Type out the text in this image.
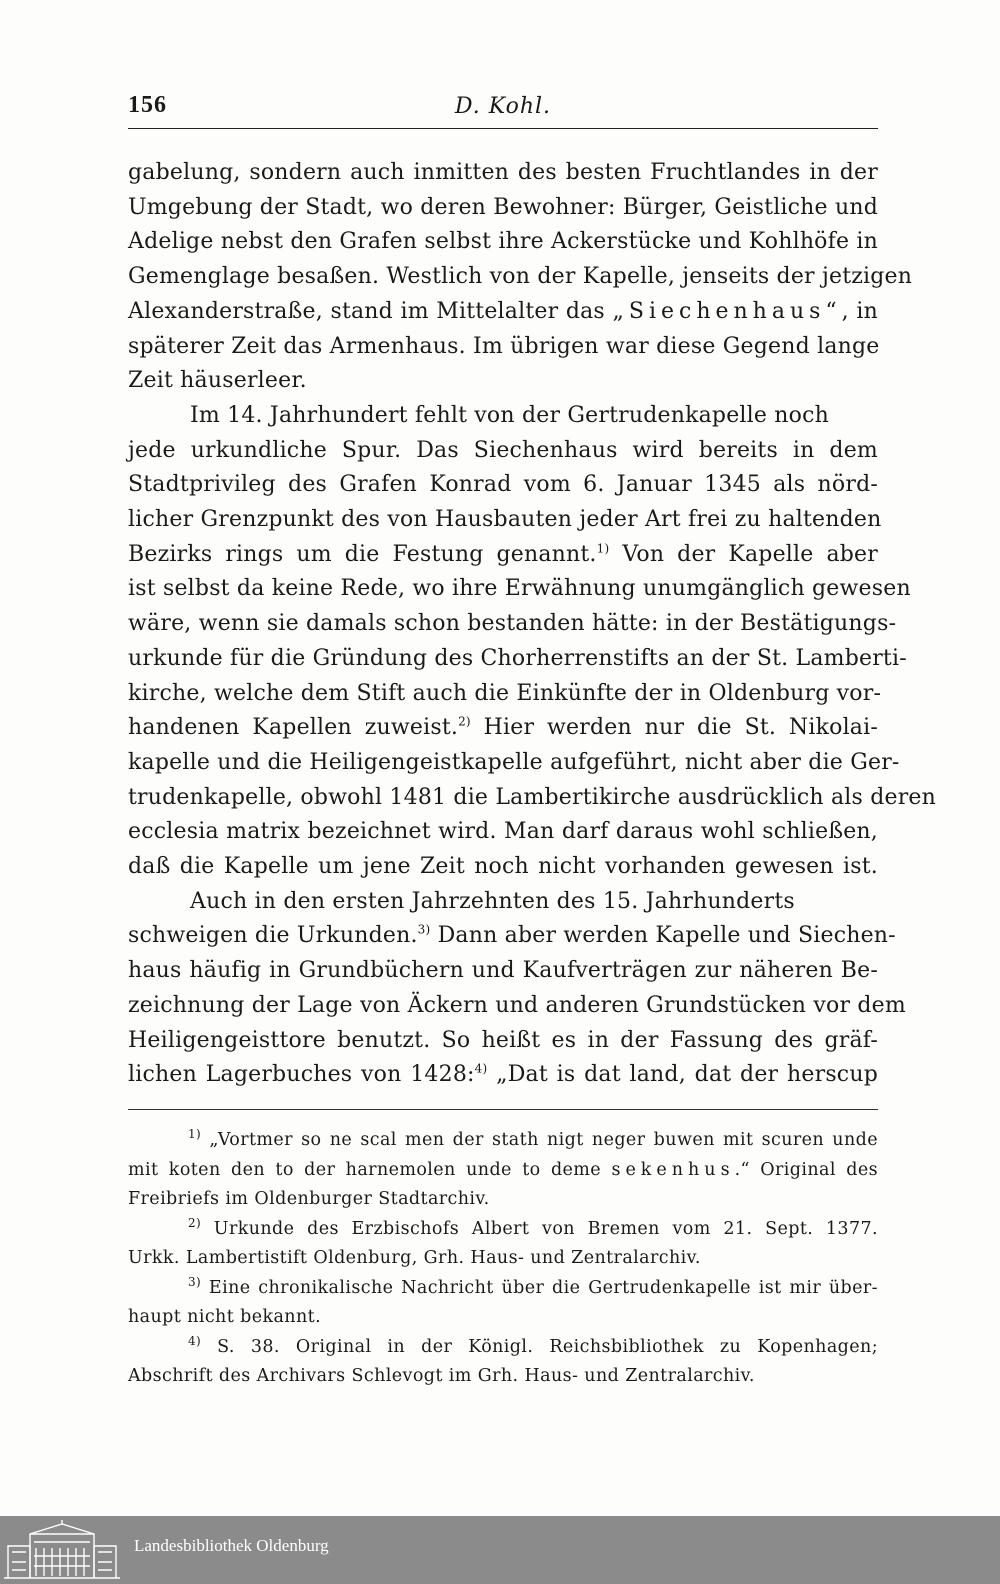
156	D. Kohl.
gabelung, sondern auch inmitten des besten Fruchtlandes in der
Umgebung der Stadt, wo deren Bewohner: Bürger, Geistliche und
Adelige nebst den Grafen selbst ihre Ackerstücke und Kohlhöfe in
Gemenglage besaßen. Westlich von der Kapelle, jenseits der jetzigen
Alexanderstraße, stand im Mittelalter das „Siechenhaus“, in
späterer Zeit das Armenhaus. Im übrigen war diese Gegend lange
Zeit häuserleer.
Im 14. Jahrhundert fehlt von der Gertrudenkapelle noch
jede urkundliche Spur. Das Siechenhaus wird bereits in dem
Stadtprivileg des Grafen Konrad vom 6. Januar 1345 als nörd-
licher Grenzpunkt des von Hausbauten jeder Art frei zu haltenden
Bezirks rings um die Festung genannt.$^{1)}$ Von der Kapelle aber
ist selbst da keine Rede, wo ihre Erwähnung unumgänglich gewesen
wäre, wenn sie damals schon bestanden hätte: in der Bestätigungs-
urkunde für die Gründung des Chorherrenstifts an der St. Lamberti-
kirche, welche dem Stift auch die Einkünfte der in Oldenburg vor-
handenen Kapellen zuweist.$^{2)}$ Hier werden nur die St. Nikolai-
kapelle und die Heiligengeistkapelle aufgeführt, nicht aber die Ger-
trudenkapelle, obwohl 1481 die Lambertikirche ausdrücklich als deren
ecclesia matrix bezeichnet wird. Man darf daraus wohl schließen,
daß die Kapelle um jene Zeit noch nicht vorhanden gewesen ist.
Auch in den ersten Jahrzehnten des 15. Jahrhunderts
schweigen die Urkunden.$^{3)}$ Dann aber werden Kapelle und Siechen-
haus häufig in Grundbüchern und Kaufverträgen zur näheren Be-
zeichnung der Lage von Äckern und anderen Grundstücken vor dem
Heiligengeisttore benutzt. So heißt es in der Fassung des gräf-
lichen Lagerbuches von 1428:$^{4)}$ „Dat is dat land, dat der herscup
$^{1)}$ „Vortmer so ne scal men der stath nigt neger buwen mit scuren unde
mit koten den to der harnemolen unde to deme sekenhus.“ Original des
Freibriefs im Oldenburger Stadtarchiv.
$^{2)}$ Urkunde des Erzbischofs Albert von Bremen vom 21. Sept. 1377.
Urkk. Lambertistift Oldenburg, Grh. Haus- und Zentralarchiv.
$^{3)}$ Eine chronikalische Nachricht über die Gertrudenkapelle ist mir über-
haupt nicht bekannt.
$^{4)}$ S. 38. Original in der Königl. Reichsbibliothek zu Kopenhagen;
Abschrift des Archivars Schlevogt im Grh. Haus- und Zentralarchiv.
Landesbibliothek Oldenburg
